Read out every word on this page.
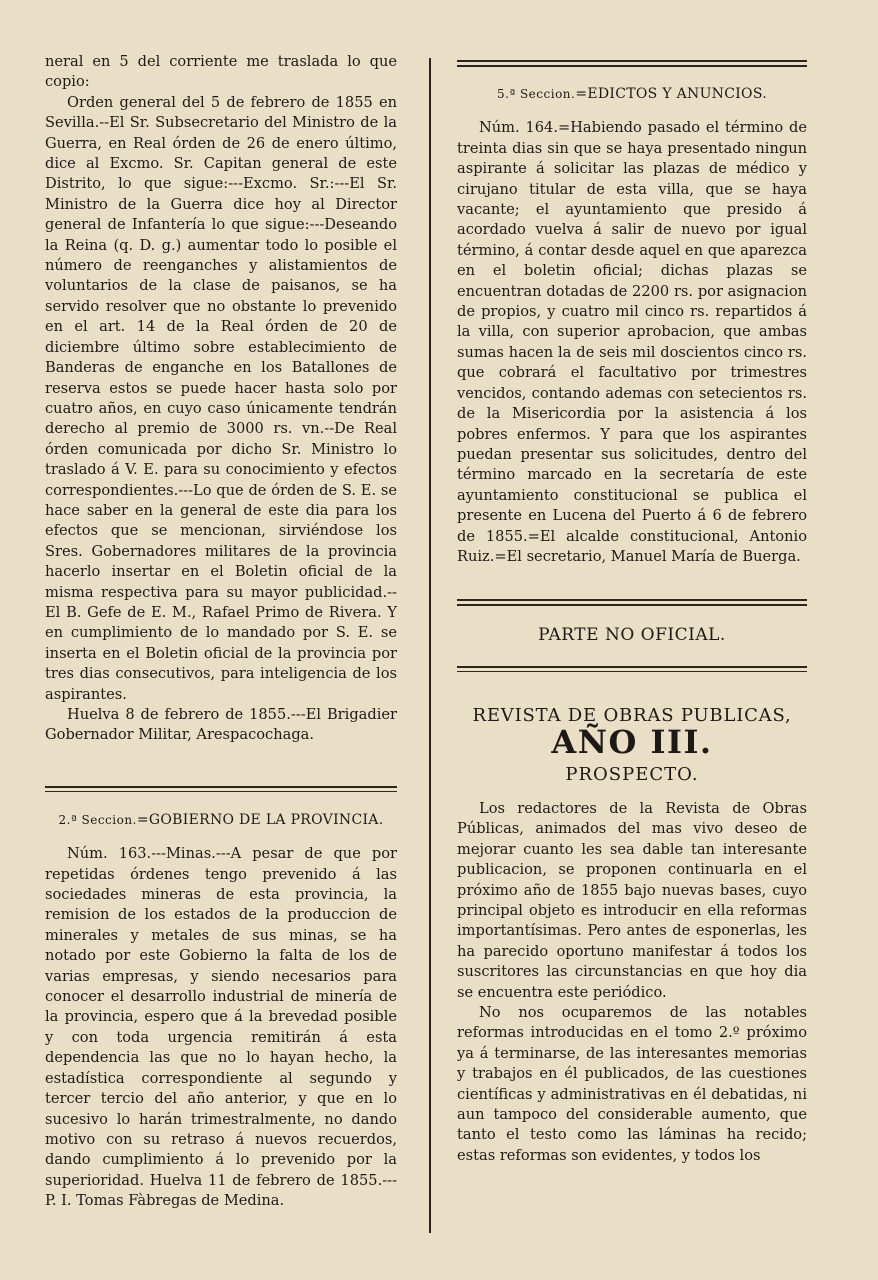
neral en 5 del corriente me traslada lo que copio:

Orden general del 5 de febrero de 1855 en Sevilla.--El Sr. Subsecretario del Ministro de la Guerra, en Real órden de 26 de enero último, dice al Excmo. Sr. Capitan general de este Distrito, lo que sigue:---Excmo. Sr.:---El Sr. Ministro de la Guerra dice hoy al Director general de Infantería lo que sigue:---Deseando la Reina (q. D. g.) aumentar todo lo posible el número de reenganches y alistamientos de voluntarios de la clase de paisanos, se ha servido resolver que no obstante lo prevenido en el art. 14 de la Real órden de 20 de diciembre último sobre establecimiento de Banderas de enganche en los Batallones de reserva estos se puede hacer hasta solo por cuatro años, en cuyo caso únicamente tendrán derecho al premio de 3000 rs. vn.--De Real órden comunicada por dicho Sr. Ministro lo traslado á V. E. para su conocimiento y efectos correspondientes.---Lo que de órden de S. E. se hace saber en la general de este dia para los efectos que se mencionan, sirviéndose los Sres. Gobernadores militares de la provincia hacerlo insertar en el Boletin oficial de la misma respectiva para su mayor publicidad.--El B. Gefe de E. M., Rafael Primo de Rivera. Y en cumplimiento de lo mandado por S. E. se inserta en el Boletin oficial de la provincia por tres dias consecutivos, para inteligencia de los aspirantes.

Huelva 8 de febrero de 1855.---El Brigadier Gobernador Militar, Arespacochaga.

2.ª Seccion.=GOBIERNO DE LA PROVINCIA.

Núm. 163.---Minas.---A pesar de que por repetidas órdenes tengo prevenido á las sociedades mineras de esta provincia, la remision de los estados de la produccion de minerales y metales de sus minas, se ha notado por este Gobierno la falta de los de varias empresas, y siendo necesarios para conocer el desarrollo industrial de minería de la provincia, espero que á la brevedad posible y con toda urgencia remitirán á esta dependencia las que no lo hayan hecho, la estadística correspondiente al segundo y tercer tercio del año anterior, y que en lo sucesivo lo harán trimestralmente, no dando motivo con su retraso á nuevos recuerdos, dando cumplimiento á lo prevenido por la superioridad. Huelva 11 de febrero de 1855.---P. I. Tomas Fàbregas de Medina.

5.ª Seccion.=EDICTOS Y ANUNCIOS.

Núm. 164.=Habiendo pasado el término de treinta dias sin que se haya presentado ningun aspirante á solicitar las plazas de médico y cirujano titular de esta villa, que se haya vacante; el ayuntamiento que presido á acordado vuelva á salir de nuevo por igual término, á contar desde aquel en que aparezca en el boletin oficial; dichas plazas se encuentran dotadas de 2200 rs. por asignacion de propios, y cuatro mil cinco rs. repartidos á la villa, con superior aprobacion, que ambas sumas hacen la de seis mil doscientos cinco rs. que cobrará el facultativo por trimestres vencidos, contando ademas con setecientos rs. de la Misericordia por la asistencia á los pobres enfermos. Y para que los aspirantes puedan presentar sus solicitudes, dentro del término marcado en la secretaría de este ayuntamiento constitucional se publica el presente en Lucena del Puerto á 6 de febrero de 1855.=El alcalde constitucional, Antonio Ruiz.=El secretario, Manuel María de Buerga.

PARTE NO OFICIAL.
REVISTA DE OBRAS PUBLICAS,
AÑO III.
PROSPECTO.

Los redactores de la Revista de Obras Públicas, animados del mas vivo deseo de mejorar cuanto les sea dable tan interesante publicacion, se proponen continuarla en el próximo año de 1855 bajo nuevas bases, cuyo principal objeto es introducir en ella reformas importantísimas. Pero antes de esponerlas, les ha parecido oportuno manifestar á todos los suscritores las circunstancias en que hoy dia se encuentra este periódico.

No nos ocuparemos de las notables reformas introducidas en el tomo 2.º próximo ya á terminarse, de las interesantes memorias y trabajos en él publicados, de las cuestiones científicas y administrativas en él debatidas, ni aun tampoco del considerable aumento, que tanto el testo como las láminas ha recido; estas reformas son evidentes, y todos los
